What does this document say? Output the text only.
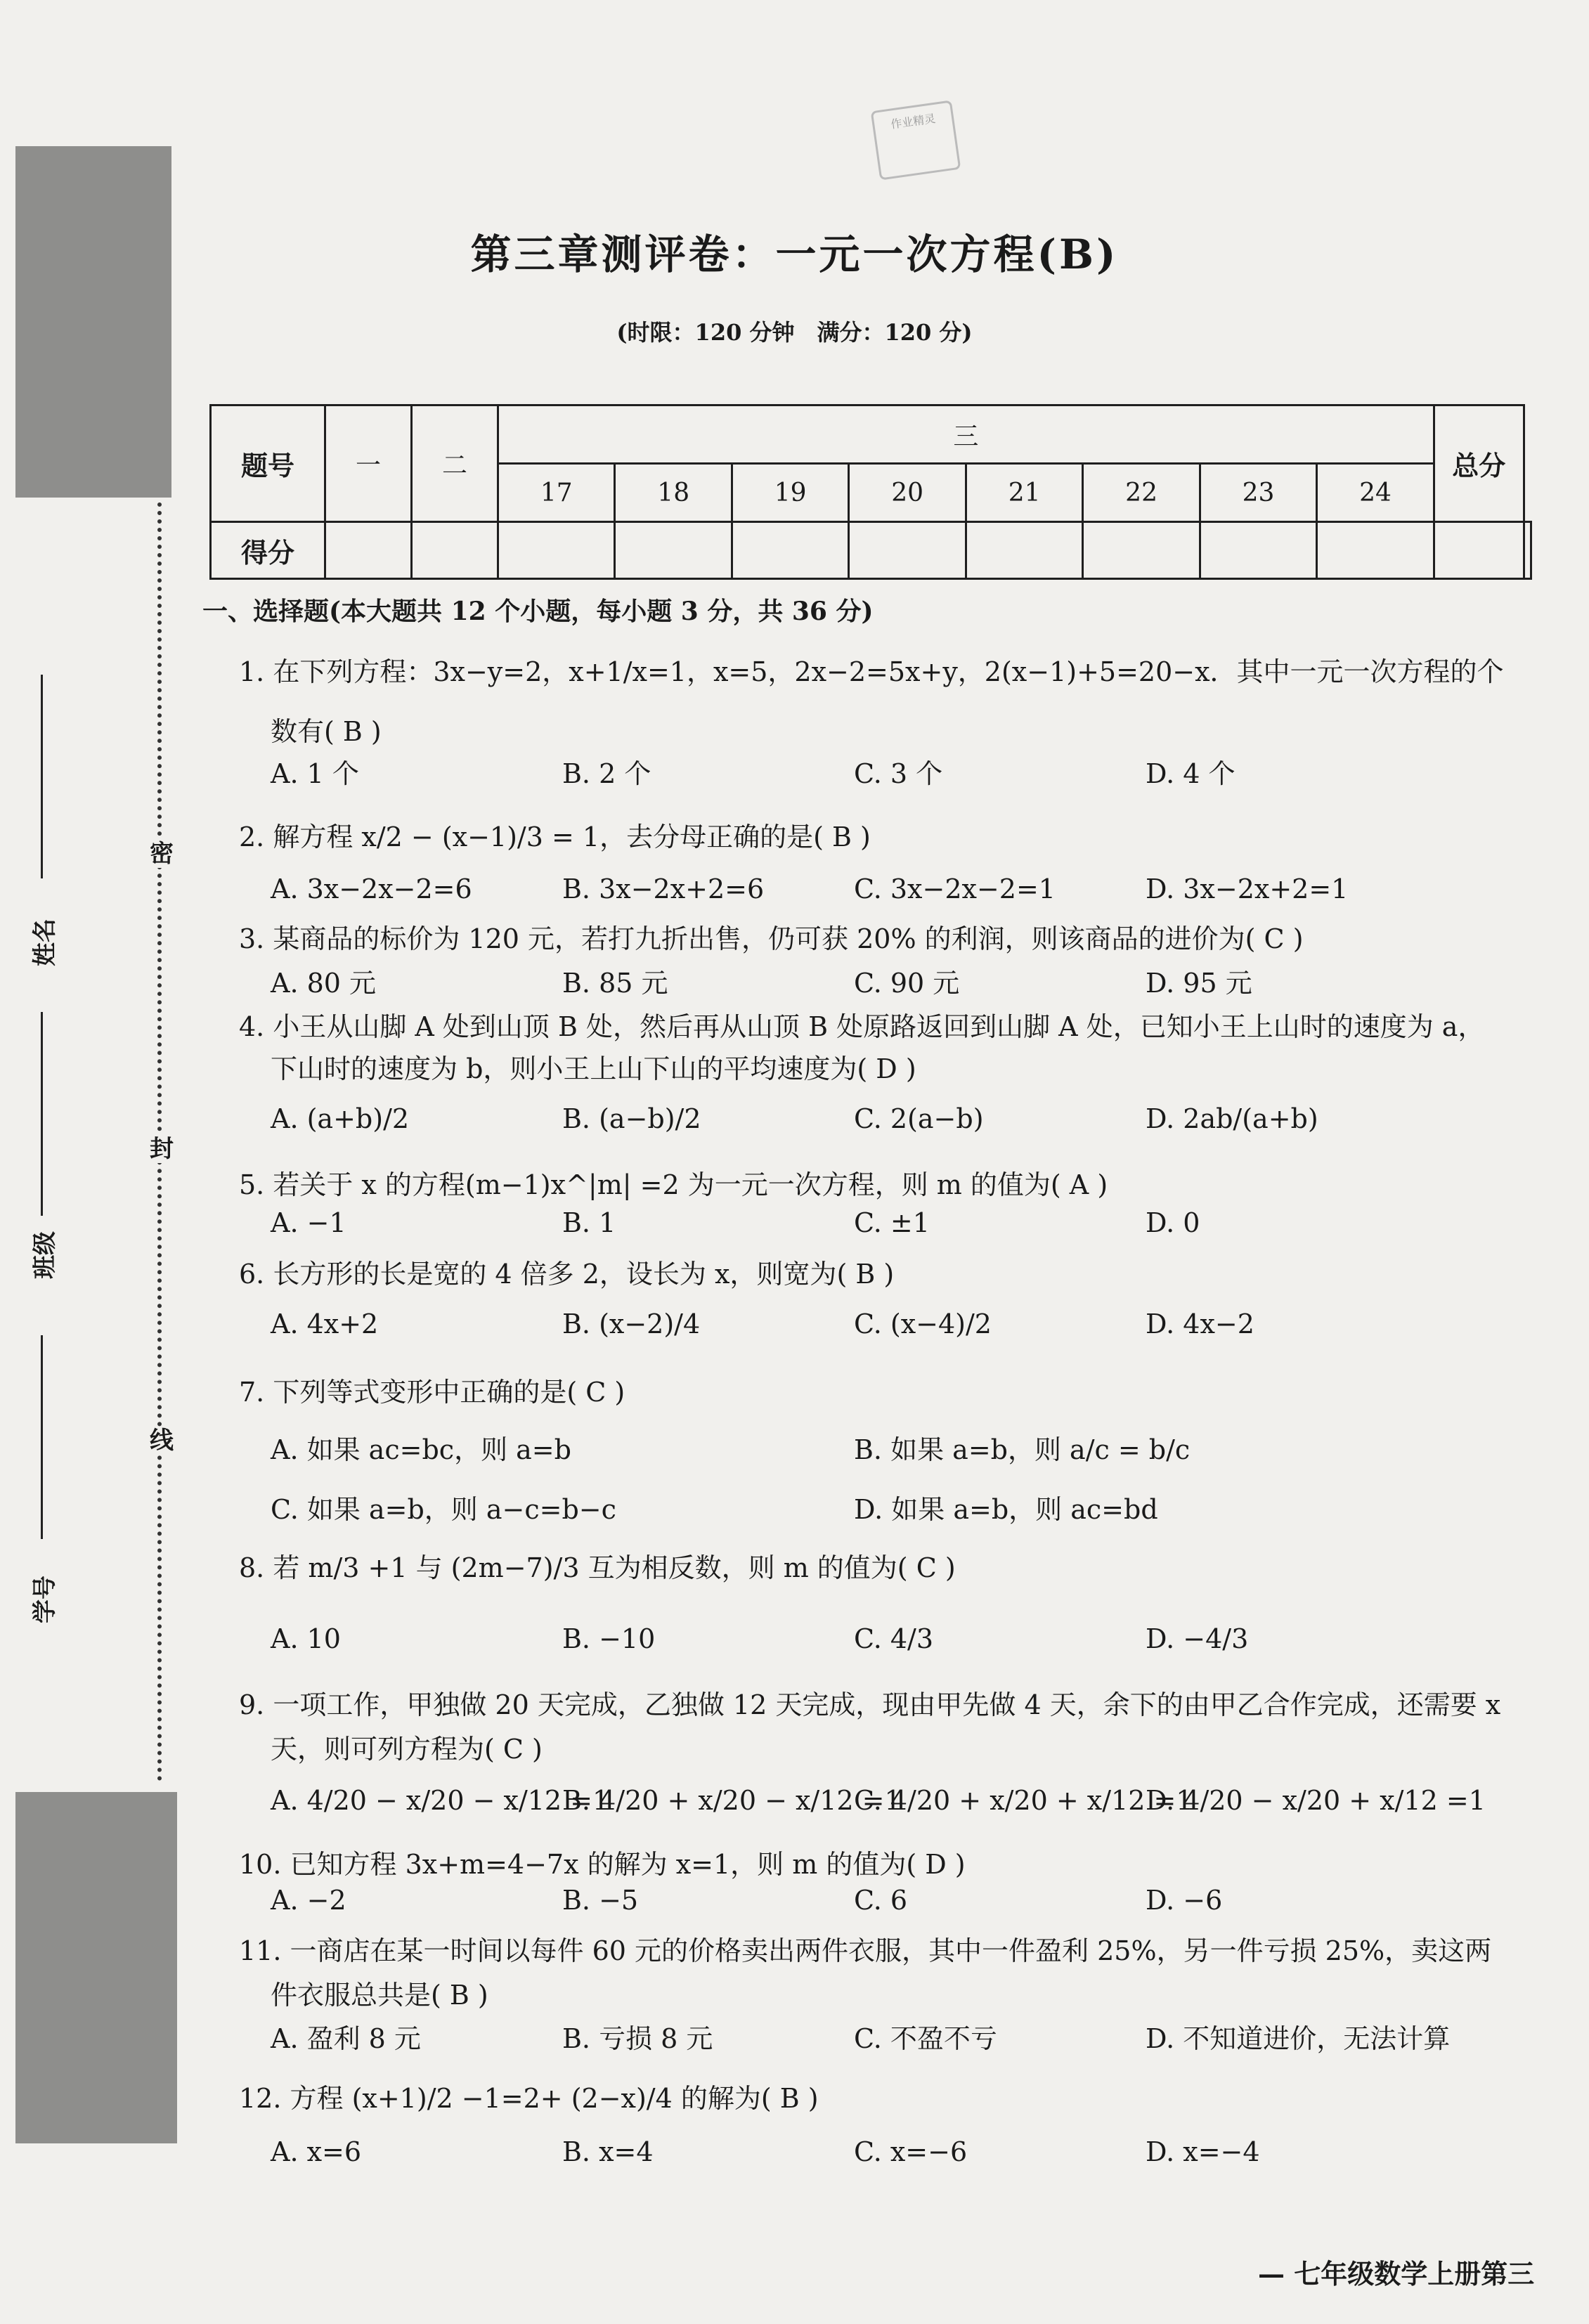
密
封
线
姓名
班级
学号
作业精灵
第三章测评卷：一元一次方程(B)
(时限：120 分钟　满分：120 分)
题号	一	二	三								总分	
			17	18	19	20	21	22	23	24		
得分												
一、选择题(本大题共 12 个小题，每小题 3 分，共 36 分)
1. 在下列方程：3x−y=2，x+1/x=1，x=5，2x−2=5x+y，2(x−1)+5=20−x．其中一元一次方程的个
数有( B )
A. 1 个	B. 2 个	C. 3 个	D. 4 个
2. 解方程 x/2 − (x−1)/3 = 1，去分母正确的是( B )
A. 3x−2x−2=6	B. 3x−2x+2=6	C. 3x−2x−2=1	D. 3x−2x+2=1
3. 某商品的标价为 120 元，若打九折出售，仍可获 20% 的利润，则该商品的进价为( C )
A. 80 元	B. 85 元	C. 90 元	D. 95 元
4. 小王从山脚 A 处到山顶 B 处，然后再从山顶 B 处原路返回到山脚 A 处，已知小王上山时的速度为 a，
下山时的速度为 b，则小王上山下山的平均速度为( D )
A. (a+b)/2	B. (a−b)/2	C. 2(a−b)	D. 2ab/(a+b)
5. 若关于 x 的方程(m−1)x^|m| =2 为一元一次方程，则 m 的值为( A )
A. −1	B. 1	C. ±1	D. 0
6. 长方形的长是宽的 4 倍多 2，设长为 x，则宽为( B )
A. 4x+2	B. (x−2)/4	C. (x−4)/2	D. 4x−2
7. 下列等式变形中正确的是( C )
A. 如果 ac=bc，则 a=b	B. 如果 a=b，则 a/c = b/c
C. 如果 a=b，则 a−c=b−c	D. 如果 a=b，则 ac=bd
8. 若 m/3 +1 与 (2m−7)/3 互为相反数，则 m 的值为( C )
A. 10	B. −10	C. 4/3	D. −4/3
9. 一项工作，甲独做 20 天完成，乙独做 12 天完成，现由甲先做 4 天，余下的由甲乙合作完成，还需要 x
天，则可列方程为( C )
A. 4/20 − x/20 − x/12 =1
B. 4/20 + x/20 − x/12 =1
C. 4/20 + x/20 + x/12 =1
D. 4/20 − x/20 + x/12 =1
10. 已知方程 3x+m=4−7x 的解为 x=1，则 m 的值为( D )
A. −2	B. −5	C. 6	D. −6
11. 一商店在某一时间以每件 60 元的价格卖出两件衣服，其中一件盈利 25%，另一件亏损 25%，卖这两
件衣服总共是( B )
A. 盈利 8 元	B. 亏损 8 元	C. 不盈不亏	D. 不知道进价，无法计算
12. 方程 (x+1)/2 −1=2+ (2−x)/4 的解为( B )
A. x=6	B. x=4	C. x=−6	D. x=−4
— 七年级数学上册第三
